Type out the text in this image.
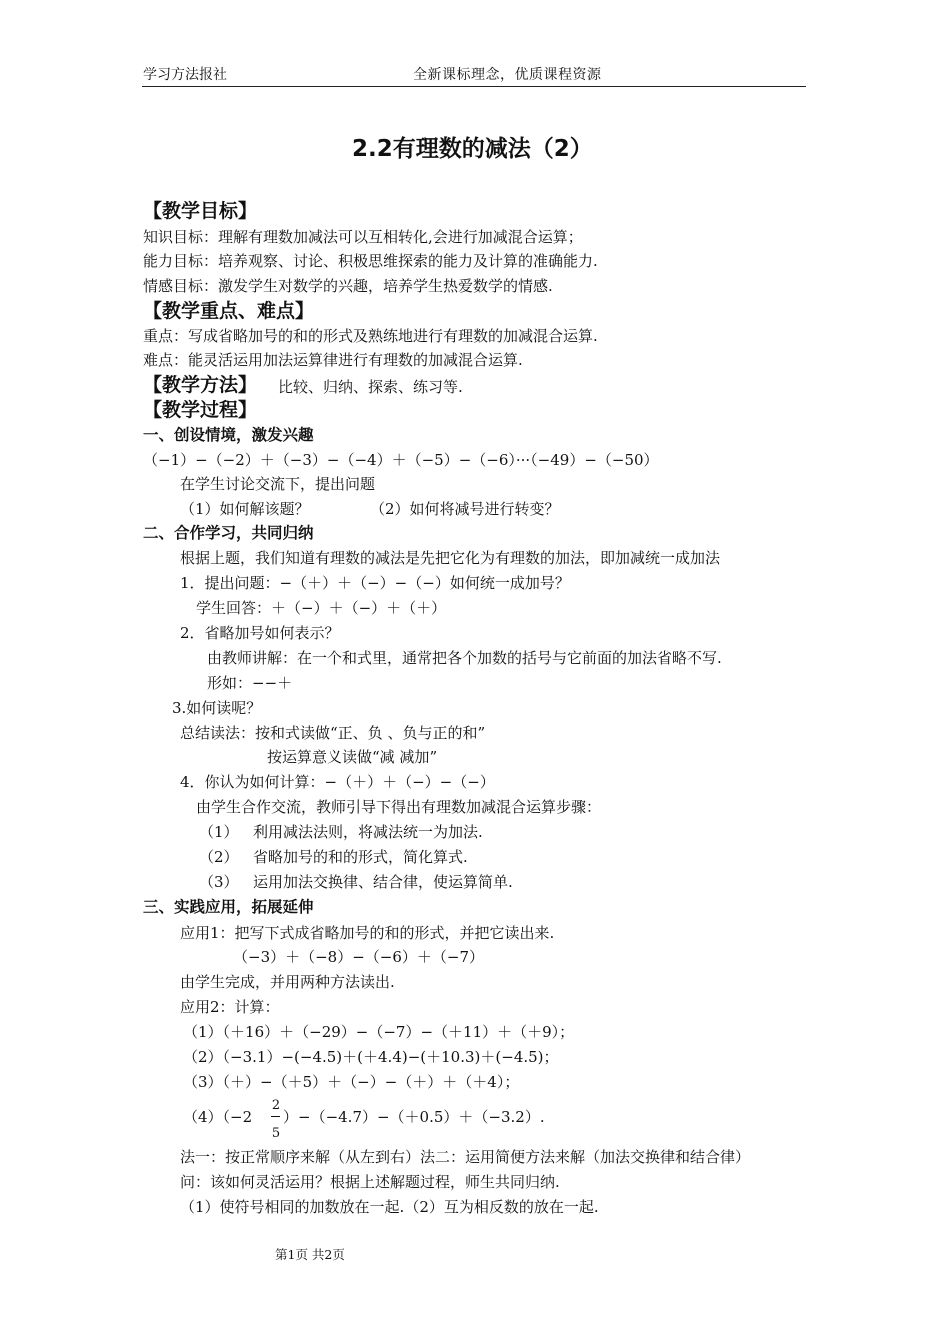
学习方法报社	全新课标理念，优质课程资源
2.2有理数的减法（2）
【教学目标】
知识目标：理解有理数加减法可以互相转化,会进行加减混合运算；
能力目标：培养观察、讨论、积极思维探索的能力及计算的准确能力.
情感目标：激发学生对数学的兴趣，培养学生热爱数学的情感.
【教学重点、难点】
重点：写成省略加号的和的形式及熟练地进行有理数的加减混合运算.
难点：能灵活运用加法运算律进行有理数的加减混合运算.
【教学方法】 比较、归纳、探索、练习等.
【教学过程】
一、创设情境，激发兴趣
（−1）−（−2）＋（−3）−（−4）＋（−5）−（−6）···（−49）−（−50）
在学生讨论交流下，提出问题
（1）如何解该题？	（2）如何将减号进行转变？
二、合作学习，共同归纳
根据上题，我们知道有理数的减法是先把它化为有理数的加法，即加减统一成加法
1．提出问题：−（＋）＋（−）−（−）如何统一成加号？
学生回答：＋（−）＋（−）＋（＋）
2．省略加号如何表示？
由教师讲解：在一个和式里，通常把各个加数的括号与它前面的加法省略不写.
形如：−−＋
3.如何读呢？
总结读法：按和式读做“正、负 、负与正的和”
按运算意义读做“减 减加”
4．你认为如何计算：−（＋）＋（−）−（−）
由学生合作交流，教师引导下得出有理数加减混合运算步骤：
（1） 利用减法法则，将减法统一为加法.
（2） 省略加号的和的形式，简化算式.
（3） 运用加法交换律、结合律，使运算简单.
三、实践应用，拓展延伸
应用1：把写下式成省略加号的和的形式，并把它读出来.
（−3）＋（−8）−（−6）＋（−7）
由学生完成，并用两种方法读出.
应用2：计算：
（1）（＋16）＋（−29）−（−7）−（＋11）＋（＋9）；
（2）（−3.1）−(−4.5)＋(＋4.4)−(＋10.3)＋(−4.5)；
（3）（＋）−（＋5）＋（−）−（＋）＋（＋4）；
（4）（−2
2
5
）−（−4.7）−（＋0.5）＋（−3.2）.
法一：按正常顺序来解（从左到右）法二：运用简便方法来解（加法交换律和结合律）
问：该如何灵活运用？根据上述解题过程，师生共同归纳.
（1）使符号相同的加数放在一起.（2）互为相反数的放在一起.
第1页 共2页
